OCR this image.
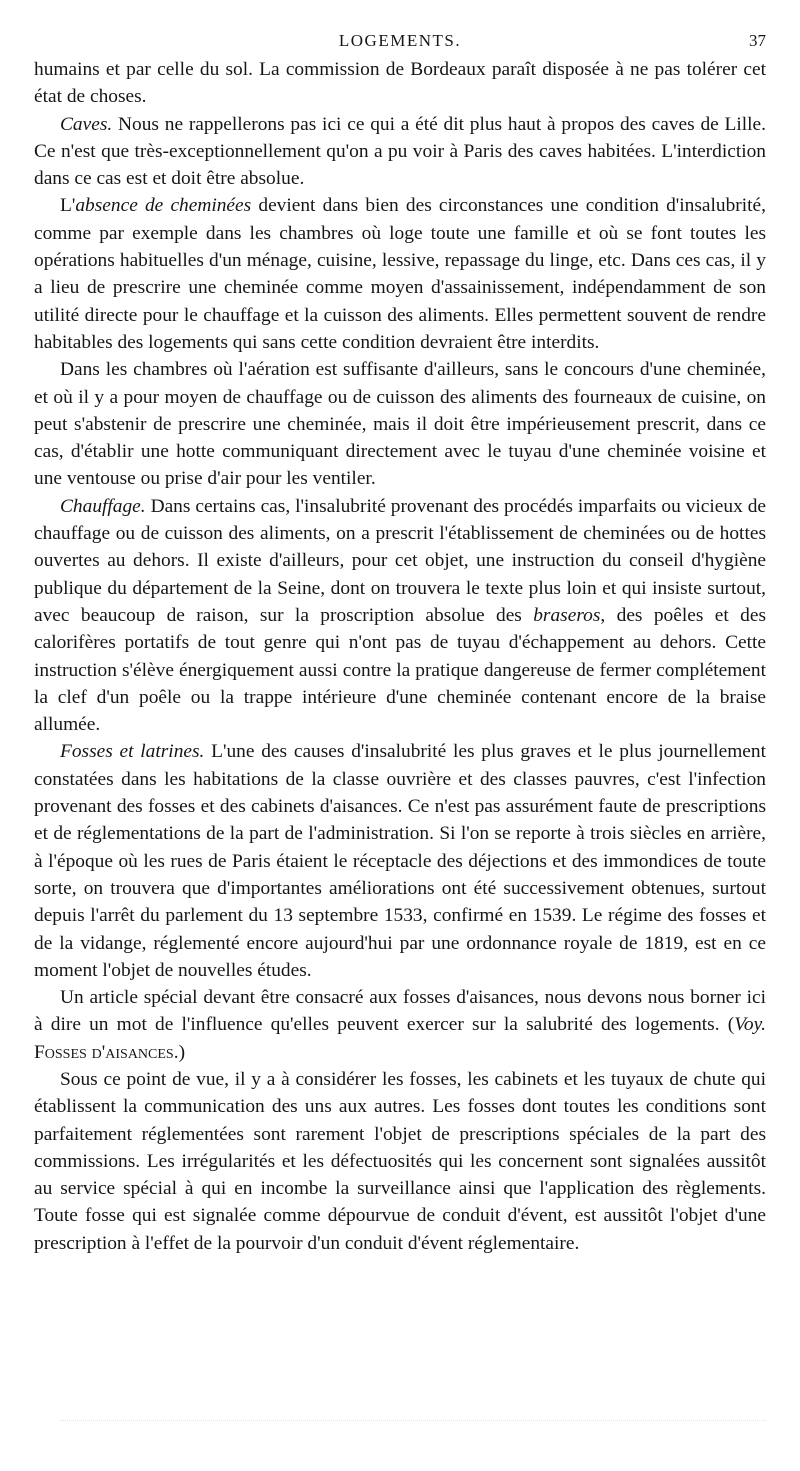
LOGEMENTS.	37

humains et par celle du sol. La commission de Bordeaux paraît disposée à ne pas tolérer cet état de choses.

Caves. Nous ne rappellerons pas ici ce qui a été dit plus haut à propos des caves de Lille. Ce n'est que très-exceptionnellement qu'on a pu voir à Paris des caves habitées. L'interdiction dans ce cas est et doit être absolue.

L'absence de cheminées devient dans bien des circonstances une condition d'insalubrité, comme par exemple dans les chambres où loge toute une famille et où se font toutes les opérations habituelles d'un ménage, cuisine, lessive, repassage du linge, etc. Dans ces cas, il y a lieu de prescrire une cheminée comme moyen d'assainissement, indépendamment de son utilité directe pour le chauffage et la cuisson des aliments. Elles permettent souvent de rendre habitables des logements qui sans cette condition devraient être interdits.

Dans les chambres où l'aération est suffisante d'ailleurs, sans le concours d'une cheminée, et où il y a pour moyen de chauffage ou de cuisson des aliments des fourneaux de cuisine, on peut s'abstenir de prescrire une cheminée, mais il doit être impérieusement prescrit, dans ce cas, d'établir une hotte communiquant directement avec le tuyau d'une cheminée voisine et une ventouse ou prise d'air pour les ventiler.

Chauffage. Dans certains cas, l'insalubrité provenant des procédés imparfaits ou vicieux de chauffage ou de cuisson des aliments, on a prescrit l'établissement de cheminées ou de hottes ouvertes au dehors. Il existe d'ailleurs, pour cet objet, une instruction du conseil d'hygiène publique du département de la Seine, dont on trouvera le texte plus loin et qui insiste surtout, avec beaucoup de raison, sur la proscription absolue des braseros, des poêles et des calorifères portatifs de tout genre qui n'ont pas de tuyau d'échappement au dehors. Cette instruction s'élève énergiquement aussi contre la pratique dangereuse de fermer complétement la clef d'un poêle ou la trappe intérieure d'une cheminée contenant encore de la braise allumée.

Fosses et latrines. L'une des causes d'insalubrité les plus graves et le plus journellement constatées dans les habitations de la classe ouvrière et des classes pauvres, c'est l'infection provenant des fosses et des cabinets d'aisances. Ce n'est pas assurément faute de prescriptions et de réglementations de la part de l'administration. Si l'on se reporte à trois siècles en arrière, à l'époque où les rues de Paris étaient le réceptacle des déjections et des immondices de toute sorte, on trouvera que d'importantes améliorations ont été successivement obtenues, surtout depuis l'arrêt du parlement du 13 septembre 1533, confirmé en 1539. Le régime des fosses et de la vidange, réglementé encore aujourd'hui par une ordonnance royale de 1819, est en ce moment l'objet de nouvelles études.

Un article spécial devant être consacré aux fosses d'aisances, nous devons nous borner ici à dire un mot de l'influence qu'elles peuvent exercer sur la salubrité des logements. (Voy. Fosses d'aisances.)

Sous ce point de vue, il y a à considérer les fosses, les cabinets et les tuyaux de chute qui établissent la communication des uns aux autres. Les fosses dont toutes les conditions sont parfaitement réglementées sont rarement l'objet de prescriptions spéciales de la part des commissions. Les irrégularités et les défectuosités qui les concernent sont signalées aussitôt au service spécial à qui en incombe la surveillance ainsi que l'application des règlements. Toute fosse qui est signalée comme dépourvue de conduit d'évent, est aussitôt l'objet d'une prescription à l'effet de la pourvoir d'un conduit d'évent réglementaire.
